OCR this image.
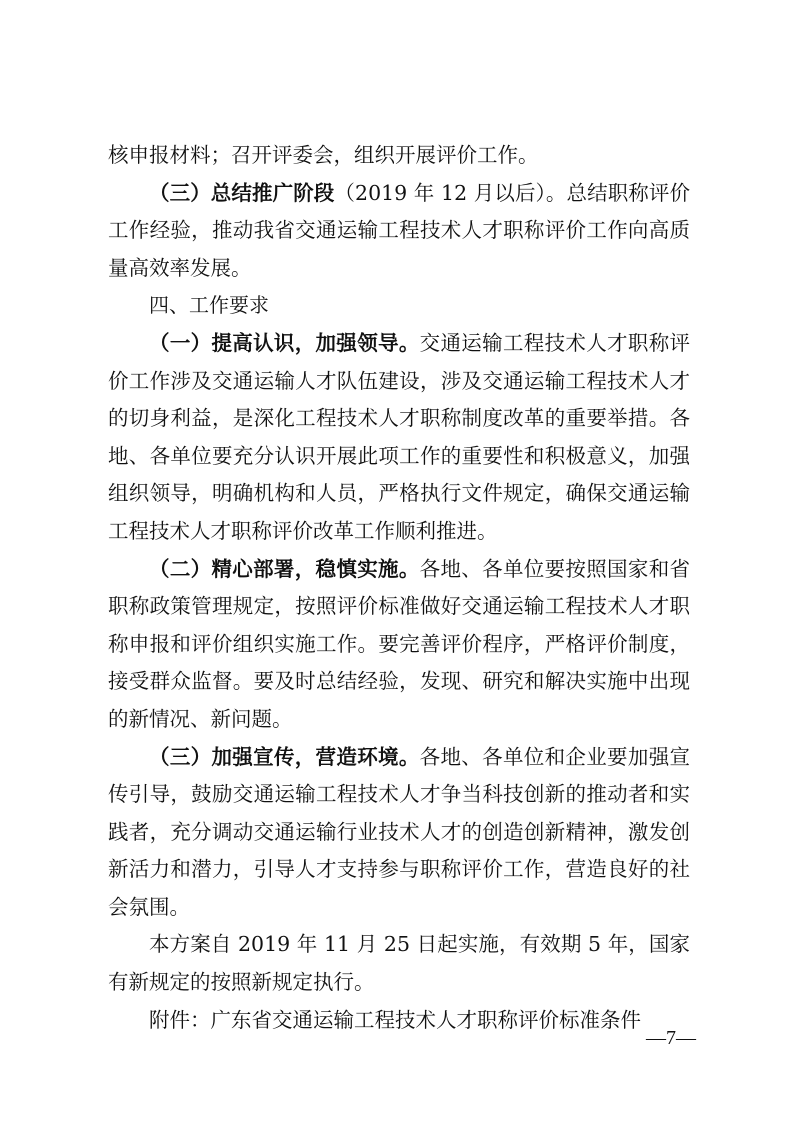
核申报材料；召开评委会，组织开展评价工作。

（三）总结推广阶段（2019 年 12 月以后）。总结职称评价工作经验，推动我省交通运输工程技术人才职称评价工作向高质量高效率发展。

四、工作要求

（一）提高认识，加强领导。交通运输工程技术人才职称评价工作涉及交通运输人才队伍建设，涉及交通运输工程技术人才的切身利益，是深化工程技术人才职称制度改革的重要举措。各地、各单位要充分认识开展此项工作的重要性和积极意义，加强组织领导，明确机构和人员，严格执行文件规定，确保交通运输工程技术人才职称评价改革工作顺利推进。

（二）精心部署，稳慎实施。各地、各单位要按照国家和省职称政策管理规定，按照评价标准做好交通运输工程技术人才职称申报和评价组织实施工作。要完善评价程序，严格评价制度，接受群众监督。要及时总结经验，发现、研究和解决实施中出现的新情况、新问题。

（三）加强宣传，营造环境。各地、各单位和企业要加强宣传引导，鼓励交通运输工程技术人才争当科技创新的推动者和实践者，充分调动交通运输行业技术人才的创造创新精神，激发创新活力和潜力，引导人才支持参与职称评价工作，营造良好的社会氛围。

本方案自 2019 年 11 月 25 日起实施，有效期 5 年，国家有新规定的按照新规定执行。

附件：广东省交通运输工程技术人才职称评价标准条件

—7—
